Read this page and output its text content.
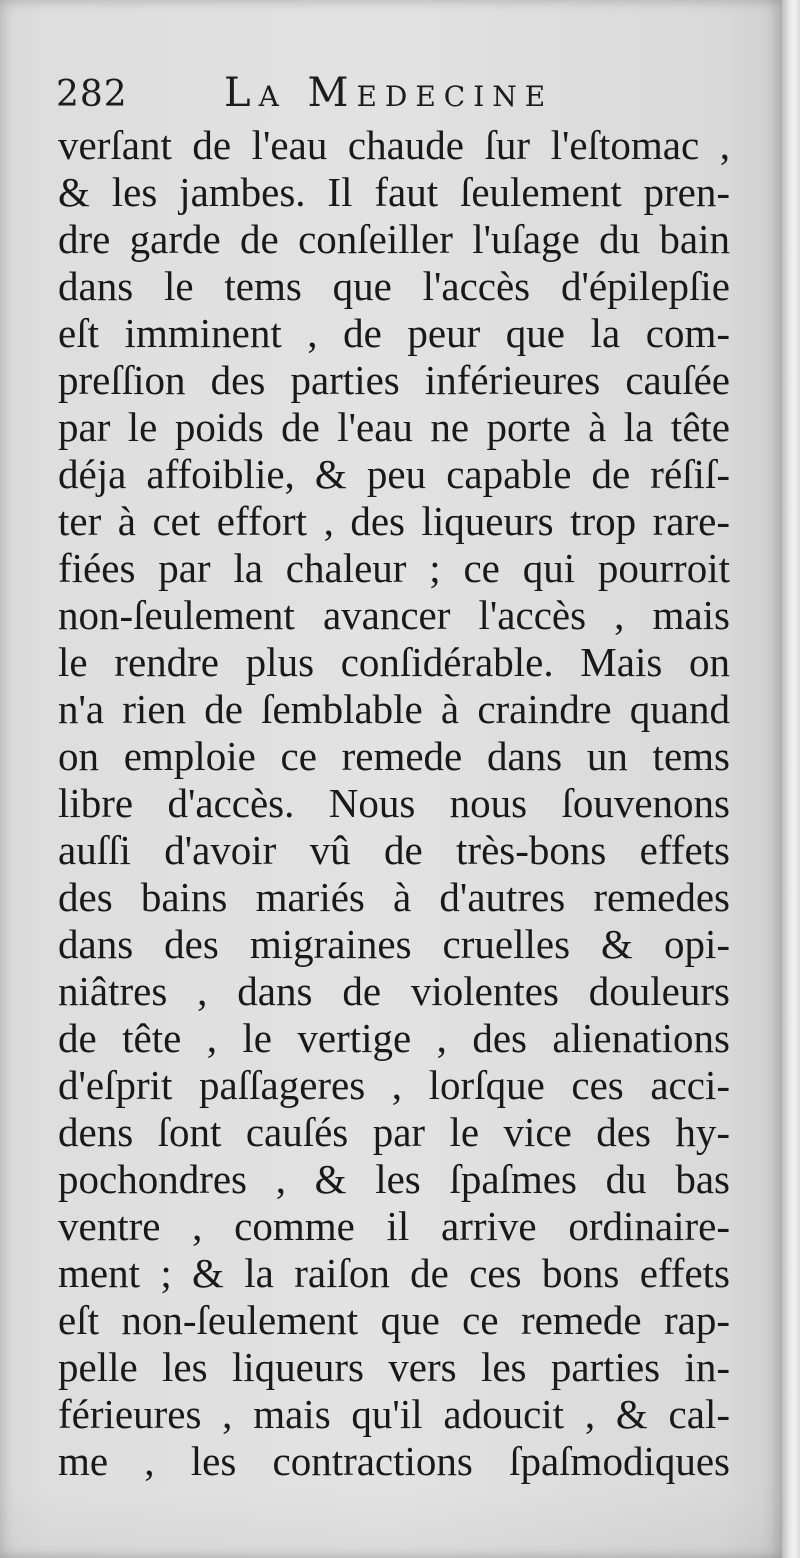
282 La Medecine
verſant de l'eau chaude ſur l'eſtomac ,
& les jambes. Il faut ſeulement pren-
dre garde de conſeiller l'uſage du bain
dans le tems que l'accès d'épilepſie
eſt imminent , de peur que la com-
preſſion des parties inférieures cauſée
par le poids de l'eau ne porte à la tête
déja affoiblie, & peu capable de réſiſ-
ter à cet effort , des liqueurs trop rare-
fiées par la chaleur ; ce qui pourroit
non-ſeulement avancer l'accès , mais
le rendre plus conſidérable. Mais on
n'a rien de ſemblable à craindre quand
on emploie ce remede dans un tems
libre d'accès. Nous nous ſouvenons
auſſi d'avoir vû de très-bons effets
des bains mariés à d'autres remedes
dans des migraines cruelles & opi-
niâtres , dans de violentes douleurs
de tête , le vertige , des alienations
d'eſprit paſſageres , lorſque ces acci-
dens ſont cauſés par le vice des hy-
pochondres , & les ſpaſmes du bas
ventre , comme il arrive ordinaire-
ment ; & la raiſon de ces bons effets
eſt non-ſeulement que ce remede rap-
pelle les liqueurs vers les parties in-
férieures , mais qu'il adoucit , & cal-
me , les contractions ſpaſmodiques
